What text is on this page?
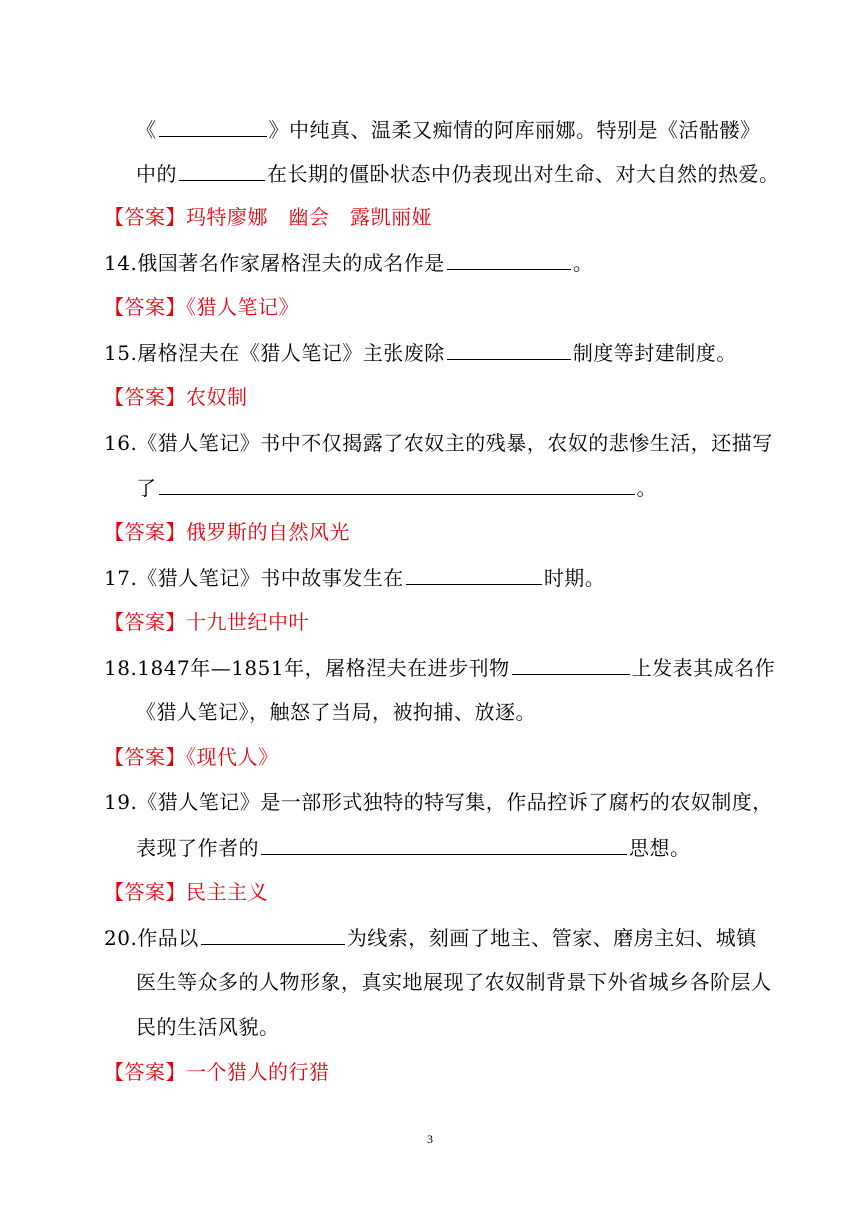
《	》中纯真、温柔又痴情的阿库丽娜。特别是《活骷髅》
中的	在长期的僵卧状态中仍表现出对生命、对大自然的热爱。
【答案】玛特廖娜　幽会　露凯丽娅
14.俄国著名作家屠格涅夫的成名作是	。
【答案】《猎人笔记》
15.屠格涅夫在《猎人笔记》主张废除	制度等封建制度。
【答案】农奴制
16.《猎人笔记》书中不仅揭露了农奴主的残暴，农奴的悲惨生活，还描写
了	。
【答案】俄罗斯的自然风光
17.《猎人笔记》书中故事发生在	时期。
【答案】十九世纪中叶
18.1847年—1851年，屠格涅夫在进步刊物	上发表其成名作
《猎人笔记》，触怒了当局，被拘捕、放逐。
【答案】《现代人》
19.《猎人笔记》是一部形式独特的特写集，作品控诉了腐朽的农奴制度，
表现了作者的	思想。
【答案】民主主义
20.作品以	为线索，刻画了地主、管家、磨房主妇、城镇
医生等众多的人物形象，真实地展现了农奴制背景下外省城乡各阶层人
民的生活风貌。
【答案】一个猎人的行猎
3
